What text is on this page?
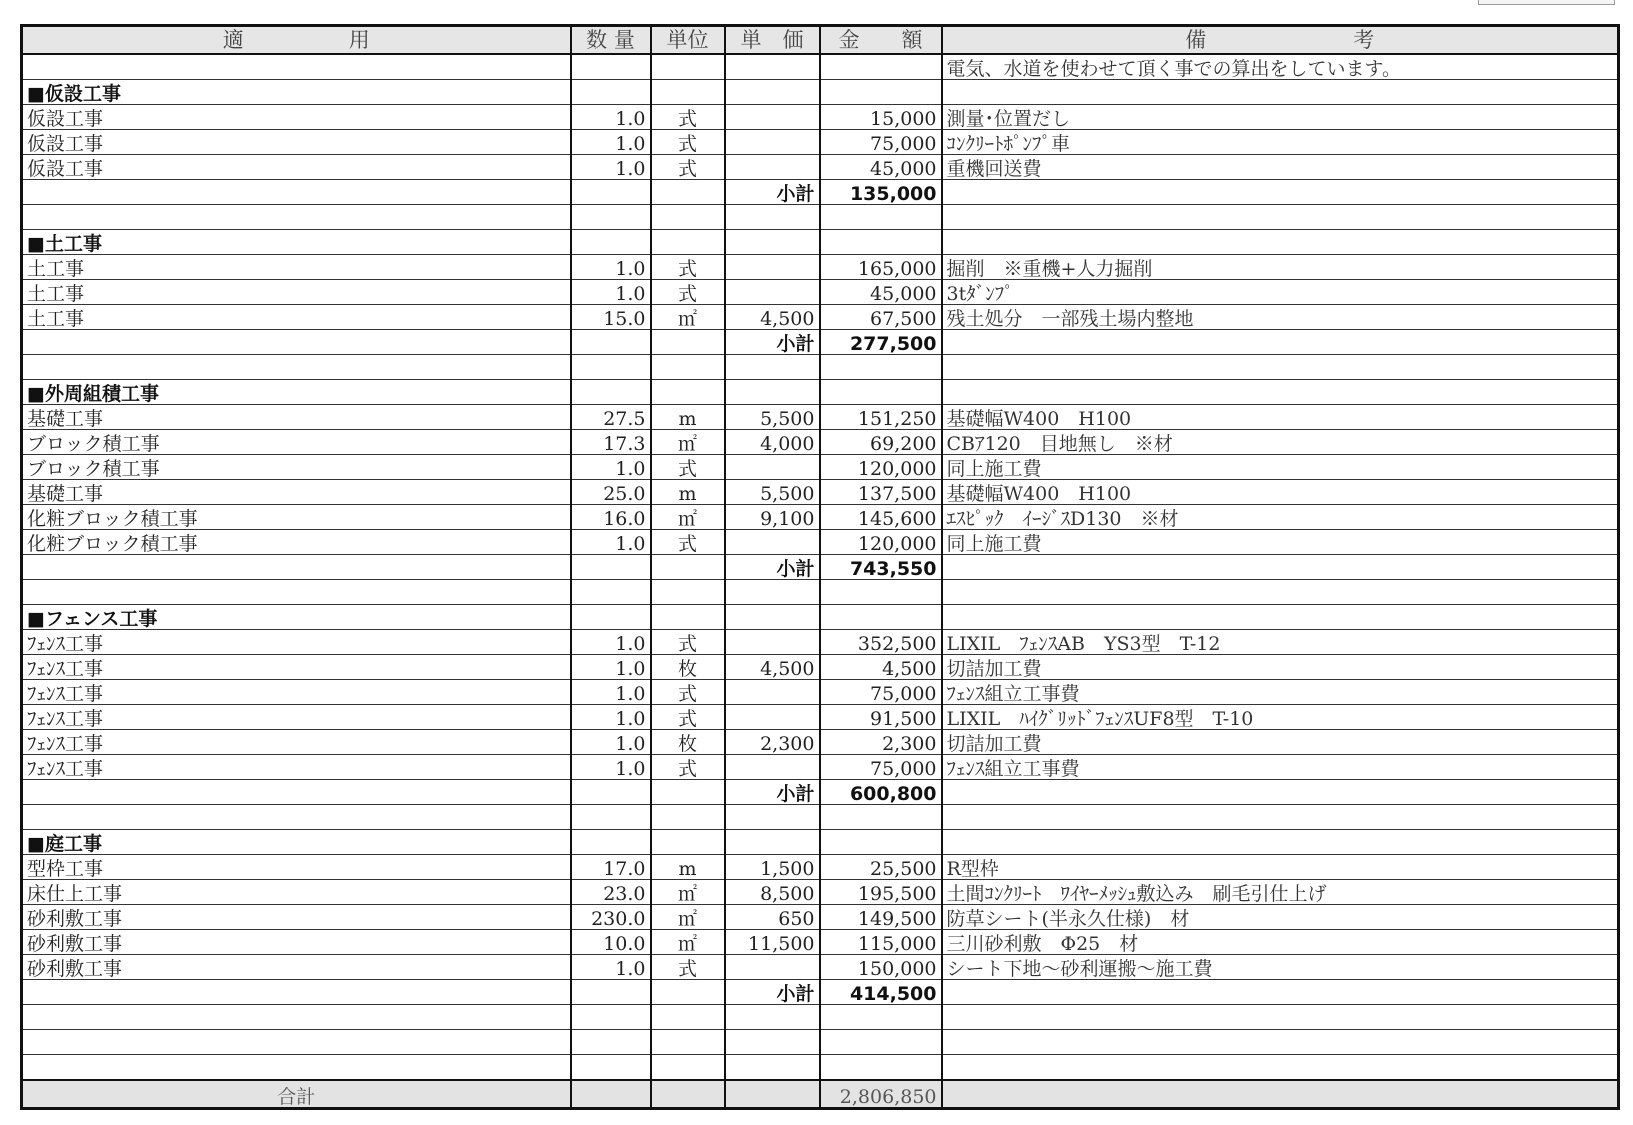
適　　　　　用	数 量	単位	単　価	金　　額	備　　　　　　　考
					電気、水道を使わせて頂く事での算出をしています。
■仮設工事					
仮設工事	1.0	式		15,000	測量･位置だし
仮設工事	1.0	式		75,000	ｺﾝｸﾘｰﾄﾎﾟﾝﾌﾟ車
仮設工事	1.0	式		45,000	重機回送費
			小計	135,000	

■土工事					
土工事	1.0	式		165,000	掘削　※重機+人力掘削
土工事	1.0	式		45,000	3tﾀﾞﾝﾌﾟ
土工事	15.0	㎡	4,500	67,500	残土処分　一部残土場内整地
			小計	277,500	

■外周組積工事					
基礎工事	27.5	m	5,500	151,250	基礎幅W400　H100
ブロック積工事	17.3	㎡	4,000	69,200	CBｱ120　目地無し　※材
ブロック積工事	1.0	式		120,000	同上施工費
基礎工事	25.0	m	5,500	137,500	基礎幅W400　H100
化粧ブロック積工事	16.0	㎡	9,100	145,600	ｴｽﾋﾟｯｸ　ｲｰｼﾞｽD130　※材
化粧ブロック積工事	1.0	式		120,000	同上施工費
			小計	743,550	

■フェンス工事					
ﾌｪﾝｽ工事	1.0	式		352,500	LIXIL　ﾌｪﾝｽAB　YS3型　T-12
ﾌｪﾝｽ工事	1.0	枚	4,500	4,500	切詰加工費
ﾌｪﾝｽ工事	1.0	式		75,000	ﾌｪﾝｽ組立工事費
ﾌｪﾝｽ工事	1.0	式		91,500	LIXIL　ﾊｲｸﾞﾘｯﾄﾞﾌｪﾝｽUF8型　T-10
ﾌｪﾝｽ工事	1.0	枚	2,300	2,300	切詰加工費
ﾌｪﾝｽ工事	1.0	式		75,000	ﾌｪﾝｽ組立工事費
			小計	600,800	

■庭工事					
型枠工事	17.0	m	1,500	25,500	R型枠
床仕上工事	23.0	㎡	8,500	195,500	土間ｺﾝｸﾘｰﾄ　ﾜｲﾔｰﾒｯｼｭ敷込み　刷毛引仕上げ
砂利敷工事	230.0	㎡	650	149,500	防草シート(半永久仕様)　材
砂利敷工事	10.0	㎡	11,500	115,000	三川砂利敷　Φ25　材
砂利敷工事	1.0	式		150,000	シート下地～砂利運搬～施工費
			小計	414,500	

合計				2,806,850	
